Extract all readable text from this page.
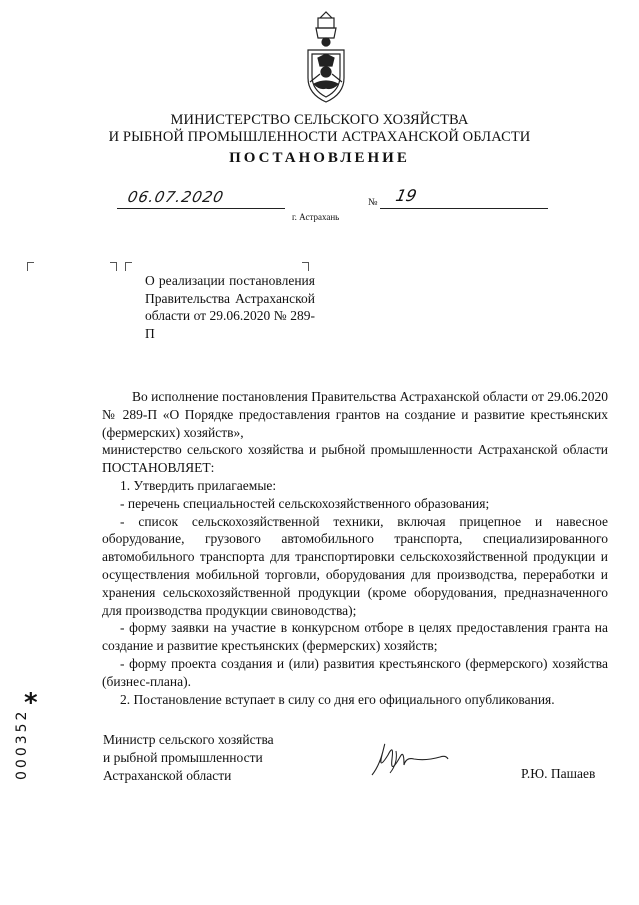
МИНИСТЕРСТВО СЕЛЬСКОГО ХОЗЯЙСТВА
И РЫБНОЙ ПРОМЫШЛЕННОСТИ АСТРАХАНСКОЙ ОБЛАСТИ
ПОСТАНОВЛЕНИЕ
06.07.2020	№ 19
г. Астрахань
О реализации постановления Правительства Астраханской области от 29.06.2020 № 289-П

Во исполнение постановления Правительства Астраханской области от 29.06.2020 № 289-П «О Порядке предоставления грантов на создание и развитие крестьянских (фермерских) хозяйств»,

министерство сельского хозяйства и рыбной промышленности Астраханской области ПОСТАНОВЛЯЕТ:

1. Утвердить прилагаемые:

- перечень специальностей сельскохозяйственного образования;

- список сельскохозяйственной техники, включая прицепное и навесное оборудование, грузового автомобильного транспорта, специализированного автомобильного транспорта для транспортировки сельскохозяйственной продукции и осуществления мобильной торговли, оборудования для производства, переработки и хранения сельскохозяйственной продукции (кроме оборудования, предназначенного для производства продукции свиноводства);

- форму заявки на участие в конкурсном отборе в целях предоставления гранта на создание и развитие крестьянских (фермерских) хозяйств;

- форму проекта создания и (или) развития крестьянского (фермерского) хозяйства (бизнес-плана).

2. Постановление вступает в силу со дня его официального опубликования.

Министр сельского хозяйства
и рыбной промышленности
Астраханской области	Р.Ю. Пашаев
*
000352
